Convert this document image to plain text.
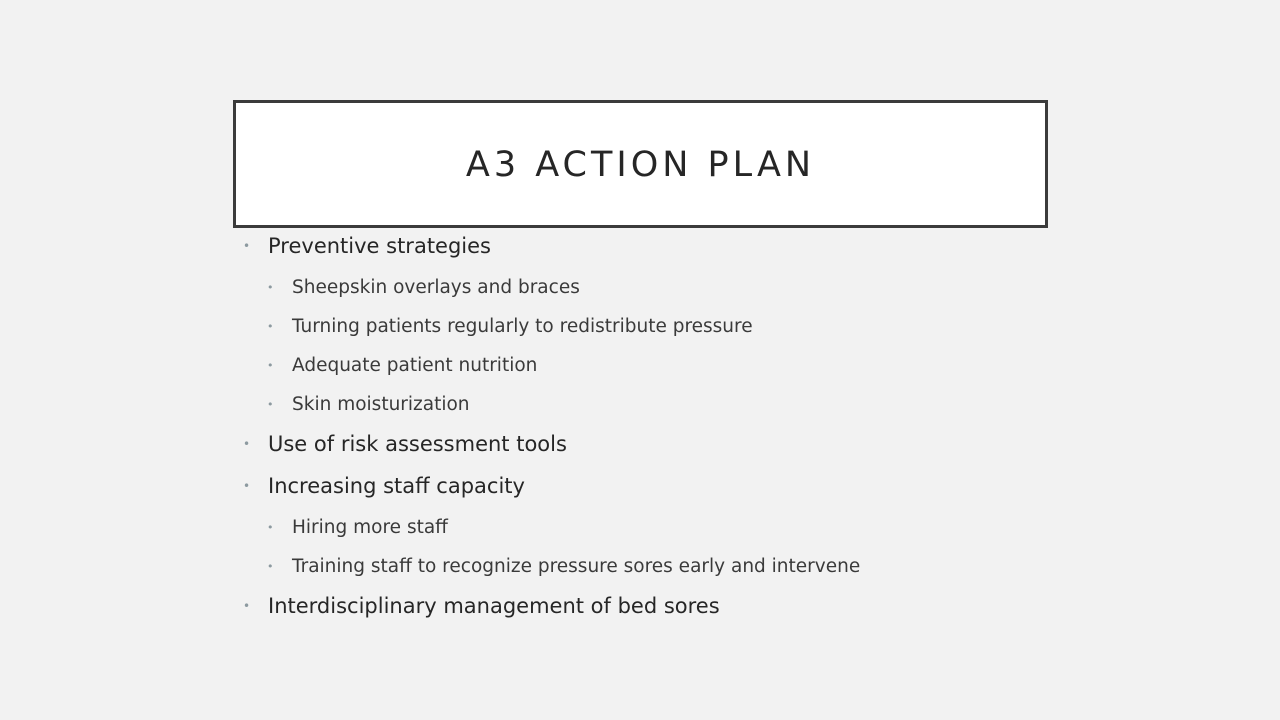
A3 ACTION PLAN
• Preventive strategies
• Sheepskin overlays and braces
• Turning patients regularly to redistribute pressure
• Adequate patient nutrition
• Skin moisturization
• Use of risk assessment tools
• Increasing staff capacity
• Hiring more staff
• Training staff to recognize pressure sores early and intervene
• Interdisciplinary management of bed sores
